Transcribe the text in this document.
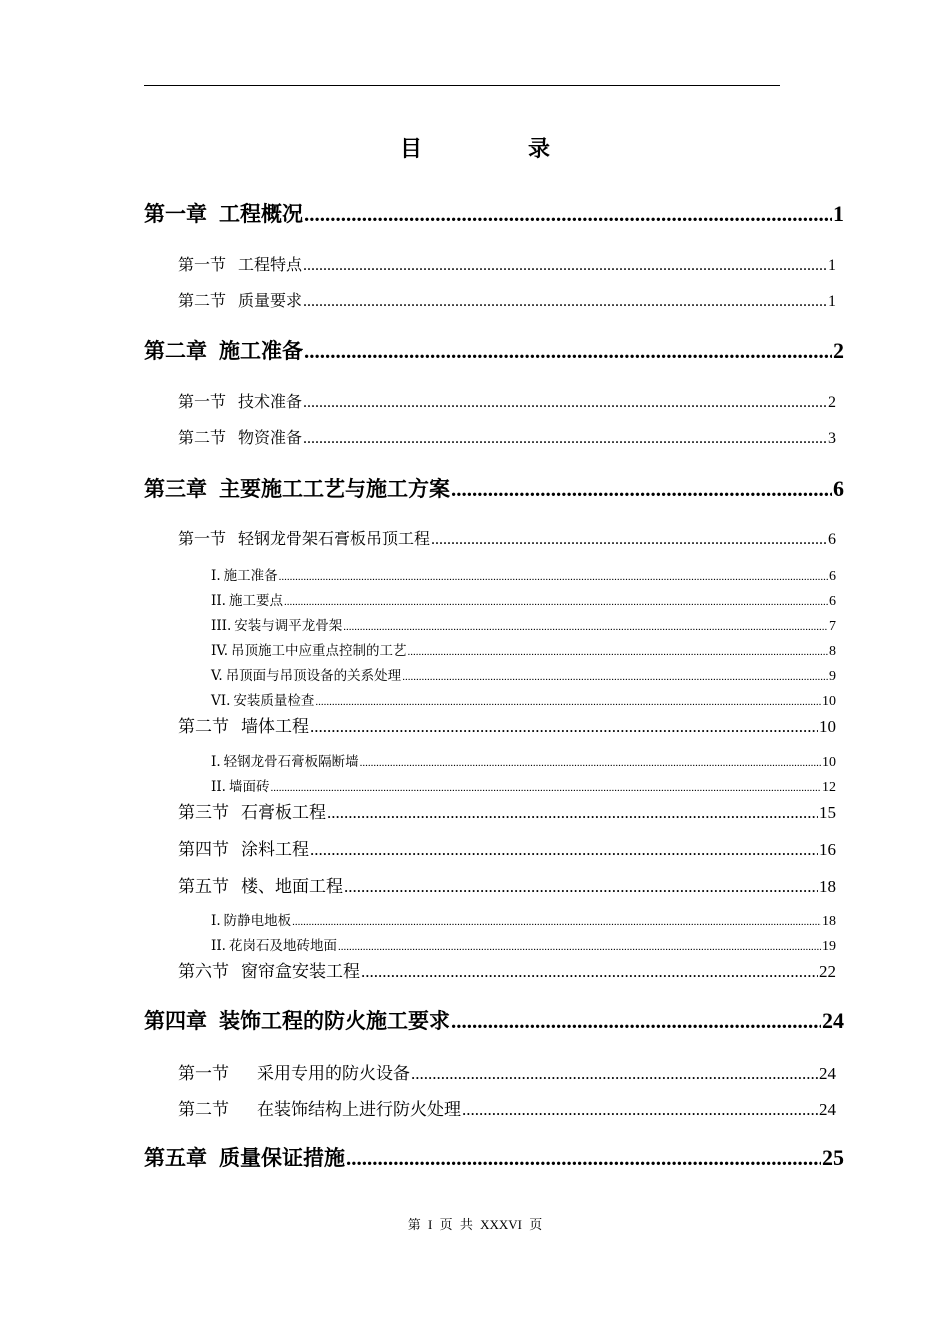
目　录
第一章 工程概况 .....	1
第一节 工程特点 .....	1
第二节 质量要求 .....	1
第二章 施工准备 .....	2
第一节 技术准备 .....	2
第二节 物资准备 .....	3
第三章 主要施工工艺与施工方案 .....	6
第一节 轻钢龙骨架石膏板吊顶工程 .....	6
I. 施工准备 .....	6
II. 施工要点 .....	6
III. 安装与调平龙骨架 .....	7
IV. 吊顶施工中应重点控制的工艺 .....	8
V. 吊顶面与吊顶设备的关系处理 .....	9
VI. 安装质量检查 .....	10
第二节 墙体工程 .....	10
I. 轻钢龙骨石膏板隔断墙 .....	10
II. 墙面砖 .....	12
第三节 石膏板工程 .....	15
第四节 涂料工程 .....	16
第五节 楼、地面工程 .....	18
I. 防静电地板 .....	18
II. 花岗石及地砖地面 .....	19
第六节 窗帘盒安装工程 .....	22
第四章 装饰工程的防火施工要求 .....	24
第一节 采用专用的防火设备 .....	24
第二节 在装饰结构上进行防火处理 .....	24
第五章 质量保证措施 .....	25
第 I 页 共 XXXVI 页
